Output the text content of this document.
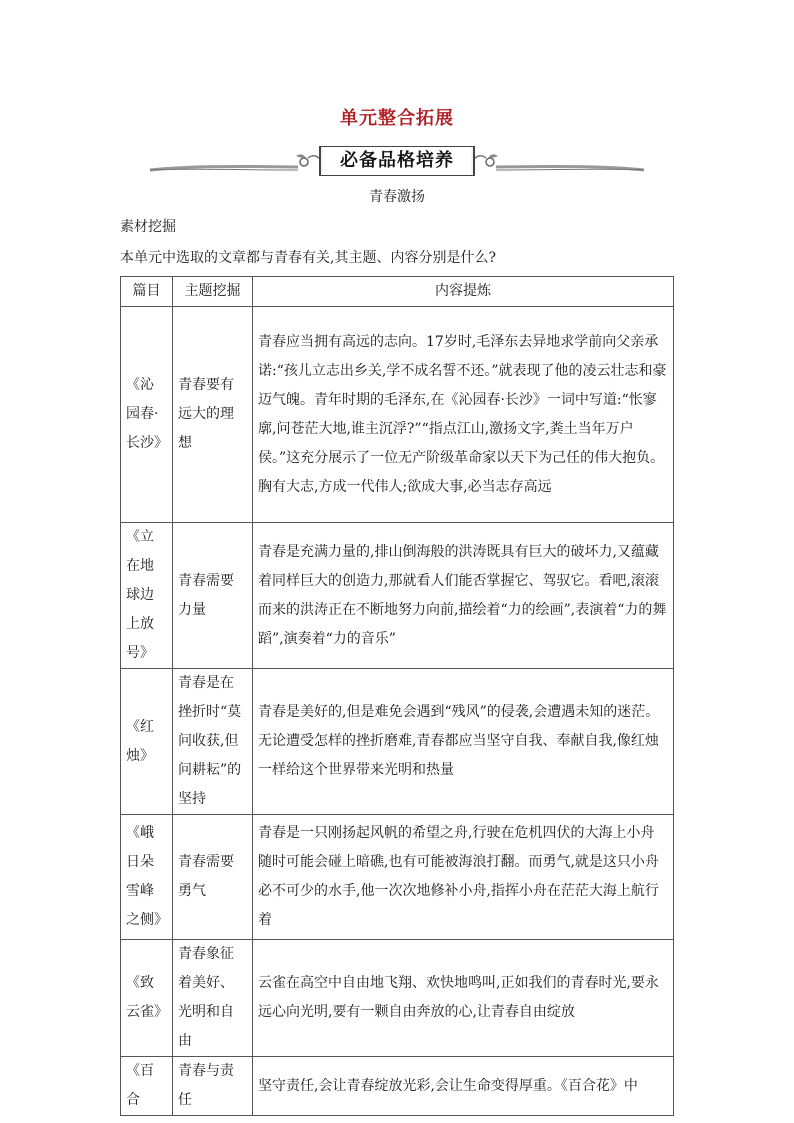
单元整合拓展
必备品格培养
青春激扬
素材挖掘
本单元中选取的文章都与青春有关,其主题、内容分别是什么?
篇目	主题挖掘	内容提炼
《沁园春·长沙》	青春要有远大的理想	青春应当拥有高远的志向。17岁时,毛泽东去异地求学前向父亲承诺:“孩儿立志出乡关,学不成名誓不还。”就表现了他的凌云壮志和豪迈气魄。青年时期的毛泽东,在《沁园春·长沙》一词中写道:“怅寥廓,问苍茫大地,谁主沉浮?”“指点江山,激扬文字,粪土当年万户侯。”这充分展示了一位无产阶级革命家以天下为己任的伟大抱负。胸有大志,方成一代伟人;欲成大事,必当志存高远
《立在地球边上放号》	青春需要力量	青春是充满力量的,排山倒海般的洪涛既具有巨大的破坏力,又蕴藏着同样巨大的创造力,那就看人们能否掌握它、驾驭它。看吧,滚滚而来的洪涛正在不断地努力向前,描绘着“力的绘画”,表演着“力的舞蹈”,演奏着“力的音乐”
《红烛》	青春是在挫折时“莫问收获,但问耕耘”的坚持	青春是美好的,但是难免会遇到“残风”的侵袭,会遭遇未知的迷茫。无论遭受怎样的挫折磨难,青春都应当坚守自我、奉献自我,像红烛一样给这个世界带来光明和热量
《峨日朵雪峰之侧》	青春需要勇气	青春是一只刚扬起风帆的希望之舟,行驶在危机四伏的大海上小舟随时可能会碰上暗礁,也有可能被海浪打翻。而勇气,就是这只小舟必不可少的水手,他一次次地修补小舟,指挥小舟在茫茫大海上航行着
《致云雀》	青春象征着美好、光明和自由	云雀在高空中自由地飞翔、欢快地鸣叫,正如我们的青春时光,要永远心向光明,要有一颗自由奔放的心,让青春自由绽放
《百合	青春与责任	坚守责任,会让青春绽放光彩,会让生命变得厚重。《百合花》中
